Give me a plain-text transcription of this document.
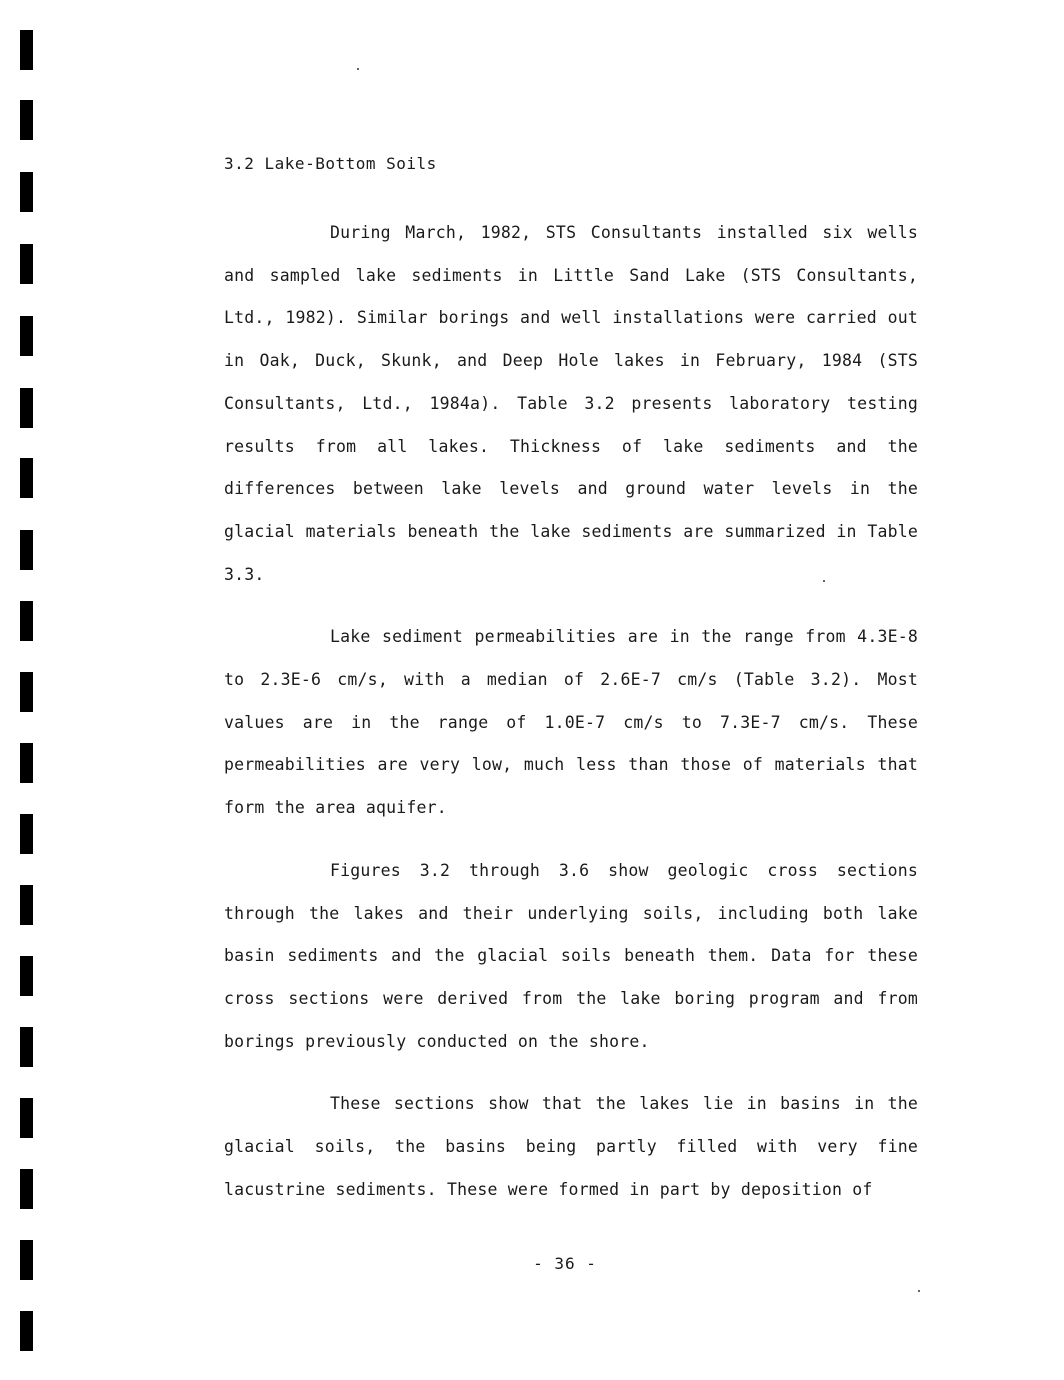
3.2 Lake-Bottom Soils

During March, 1982, STS Consultants installed six wells and sampled lake sediments in Little Sand Lake (STS Consultants, Ltd., 1982). Similar borings and well installations were carried out in Oak, Duck, Skunk, and Deep Hole lakes in February, 1984 (STS Consultants, Ltd., 1984a). Table 3.2 presents laboratory testing results from all lakes. Thickness of lake sediments and the differences between lake levels and ground water levels in the glacial materials beneath the lake sediments are summarized in Table 3.3.

Lake sediment permeabilities are in the range from 4.3E-8 to 2.3E-6 cm/s, with a median of 2.6E-7 cm/s (Table 3.2). Most values are in the range of 1.0E-7 cm/s to 7.3E-7 cm/s. These permeabilities are very low, much less than those of materials that form the area aquifer.

Figures 3.2 through 3.6 show geologic cross sections through the lakes and their underlying soils, including both lake basin sediments and the glacial soils beneath them. Data for these cross sections were derived from the lake boring program and from borings previously conducted on the shore.

These sections show that the lakes lie in basins in the glacial soils, the basins being partly filled with very fine lacustrine sediments. These were formed in part by deposition of

- 36 -
